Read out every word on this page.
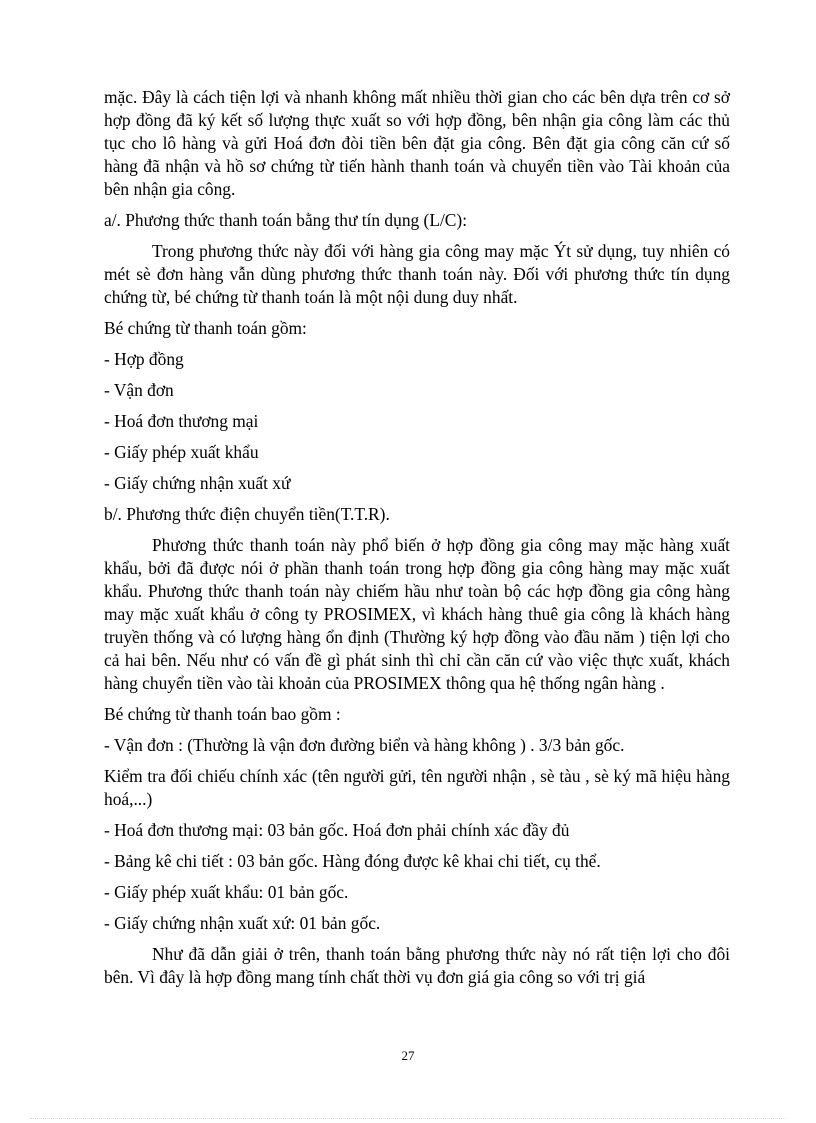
mặc. Đây là cách tiện lợi và nhanh không mất nhiều thời gian cho các bên dựa trên cơ sở hợp đồng đã ký kết số lượng thực xuất so với hợp đồng, bên nhận gia công làm các thủ tục cho lô hàng và gửi Hoá đơn đòi tiền bên đặt gia công. Bên đặt gia công căn cứ số hàng đã nhận và hồ sơ chứng từ tiến hành thanh toán và chuyển tiền vào Tài khoản của bên nhận gia công.

a/. Phương thức thanh toán bằng thư tín dụng (L/C):

Trong phương thức này đối với hàng gia công may mặc Ýt sử dụng, tuy nhiên có mét sè đơn hàng vẫn dùng phương thức thanh toán này. Đối với phương thức tín dụng chứng từ, bé chứng từ thanh toán là một nội dung duy nhất.

Bé chứng từ thanh toán gồm:

- Hợp đồng

- Vận đơn

- Hoá đơn thương mại

- Giấy phép xuất khẩu

- Giấy chứng nhận xuất xứ

b/. Phương thức điện chuyển tiền(T.T.R).

Phương thức thanh toán này phổ biến ở hợp đồng gia công may mặc hàng xuất khẩu, bởi đã được nói ở phần thanh toán trong hợp đồng gia công hàng may mặc xuất khẩu. Phương thức thanh toán này chiếm hầu như toàn bộ các hợp đồng gia công hàng may mặc xuất khẩu ở công ty PROSIMEX, vì khách hàng thuê gia công là khách hàng truyền thống và có lượng hàng ổn định (Thường ký hợp đồng vào đầu năm ) tiện lợi cho cả hai bên. Nếu như có vấn đề gì phát sinh thì chỉ cần căn cứ vào việc thực xuất, khách hàng chuyển tiền vào tài khoản của PROSIMEX thông qua hệ thống ngân hàng .

Bé chứng từ thanh toán bao gồm :

- Vận đơn : (Thường là vận đơn đường biển và hàng không ) . 3/3 bản gốc.

Kiểm tra đối chiếu chính xác (tên người gửi, tên người nhận , sè tàu , sè ký mã hiệu hàng hoá,...)

- Hoá đơn thương mại: 03 bản gốc. Hoá đơn phải chính xác đầy đủ

- Bảng kê chi tiết : 03 bản gốc. Hàng đóng được kê khai chi tiết, cụ thể.

- Giấy phép xuất khẩu: 01 bản gốc.

- Giấy chứng nhận xuất xứ: 01 bản gốc.

Như đã dẫn giải ở trên, thanh toán bằng phương thức này nó rất tiện lợi cho đôi bên. Vì đây là hợp đồng mang tính chất thời vụ đơn giá gia công so với trị giá

27
